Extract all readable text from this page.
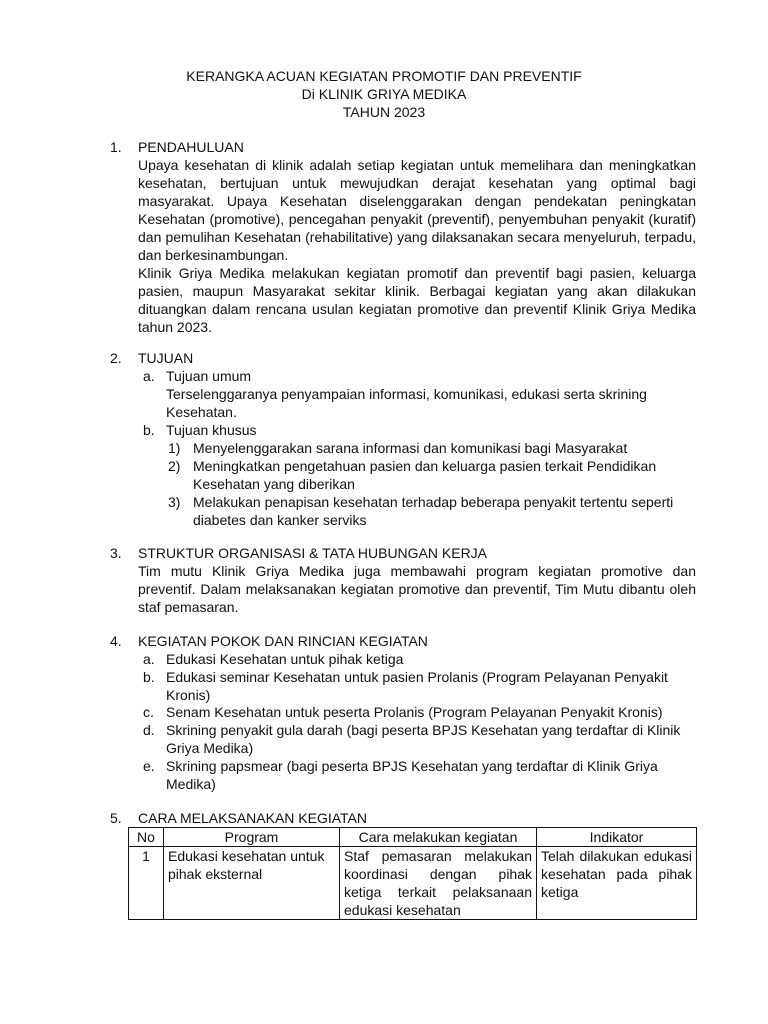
KERANGKA ACUAN KEGIATAN PROMOTIF DAN PREVENTIF
Di KLINIK GRIYA MEDIKA
TAHUN 2023
1. PENDAHULUAN

Upaya kesehatan di klinik adalah setiap kegiatan untuk memelihara dan meningkatkan kesehatan, bertujuan untuk mewujudkan derajat kesehatan yang optimal bagi masyarakat. Upaya Kesehatan diselenggarakan dengan pendekatan peningkatan Kesehatan (promotive), pencegahan penyakit (preventif), penyembuhan penyakit (kuratif) dan pemulihan Kesehatan (rehabilitative) yang dilaksanakan secara menyeluruh, terpadu, dan berkesinambungan.

Klinik Griya Medika melakukan kegiatan promotif dan preventif bagi pasien, keluarga pasien, maupun Masyarakat sekitar klinik. Berbagai kegiatan yang akan dilakukan dituangkan dalam rencana usulan kegiatan promotive dan preventif Klinik Griya Medika tahun 2023.

2. TUJUAN
a. Tujuan umum

Terselenggaranya penyampaian informasi, komunikasi, edukasi serta skrining Kesehatan.

b. Tujuan khusus
1) Menyelenggarakan sarana informasi dan komunikasi bagi Masyarakat

2) Meningkatkan pengetahuan pasien dan keluarga pasien terkait Pendidikan Kesehatan yang diberikan

3) Melakukan penapisan kesehatan terhadap beberapa penyakit tertentu seperti diabetes dan kanker serviks

3. STRUKTUR ORGANISASI & TATA HUBUNGAN KERJA

Tim mutu Klinik Griya Medika juga membawahi program kegiatan promotive dan preventif. Dalam melaksanakan kegiatan promotive dan preventif, Tim Mutu dibantu oleh staf pemasaran.

4. KEGIATAN POKOK DAN RINCIAN KEGIATAN
a. Edukasi Kesehatan untuk pihak ketiga

b. Edukasi seminar Kesehatan untuk pasien Prolanis (Program Pelayanan Penyakit Kronis)

c. Senam Kesehatan untuk peserta Prolanis (Program Pelayanan Penyakit Kronis)

d. Skrining penyakit gula darah (bagi peserta BPJS Kesehatan yang terdaftar di Klinik Griya Medika)

e. Skrining papsmear (bagi peserta BPJS Kesehatan yang terdaftar di Klinik Griya Medika)

5. CARA MELAKSANAKAN KEGIATAN
No	Program	Cara melakukan kegiatan	Indikator
1	Edukasi kesehatan untuk pihak eksternal	Staf pemasaran melakukan koordinasi dengan pihak ketiga terkait pelaksanaan edukasi kesehatan	Telah dilakukan edukasi kesehatan pada pihak ketiga
